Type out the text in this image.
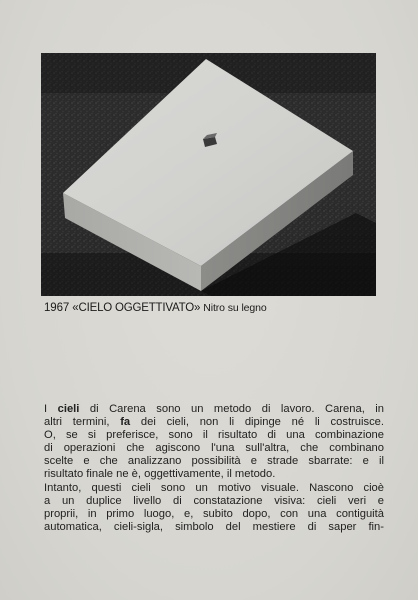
1967 «CIELO OGGETTIVATO» Nitro su legno
I cieli di Carena sono un metodo di lavoro. Carena, in
altri termini, fa dei cieli, non li dipinge né li costruisce.
O, se si preferisce, sono il risultato di una combinazione
di operazioni che agiscono l'una sull'altra, che combinano
scelte e che analizzano possibilità e strade sbarrate: e il
risultato finale ne è, oggettivamente, il metodo.
Intanto, questi cieli sono un motivo visuale. Nascono cioè
a un duplice livello di constatazione visiva: cieli veri e
proprii, in primo luogo, e, subito dopo, con una contiguità
automatica, cieli-sigla, simbolo del mestiere di saper fin-
